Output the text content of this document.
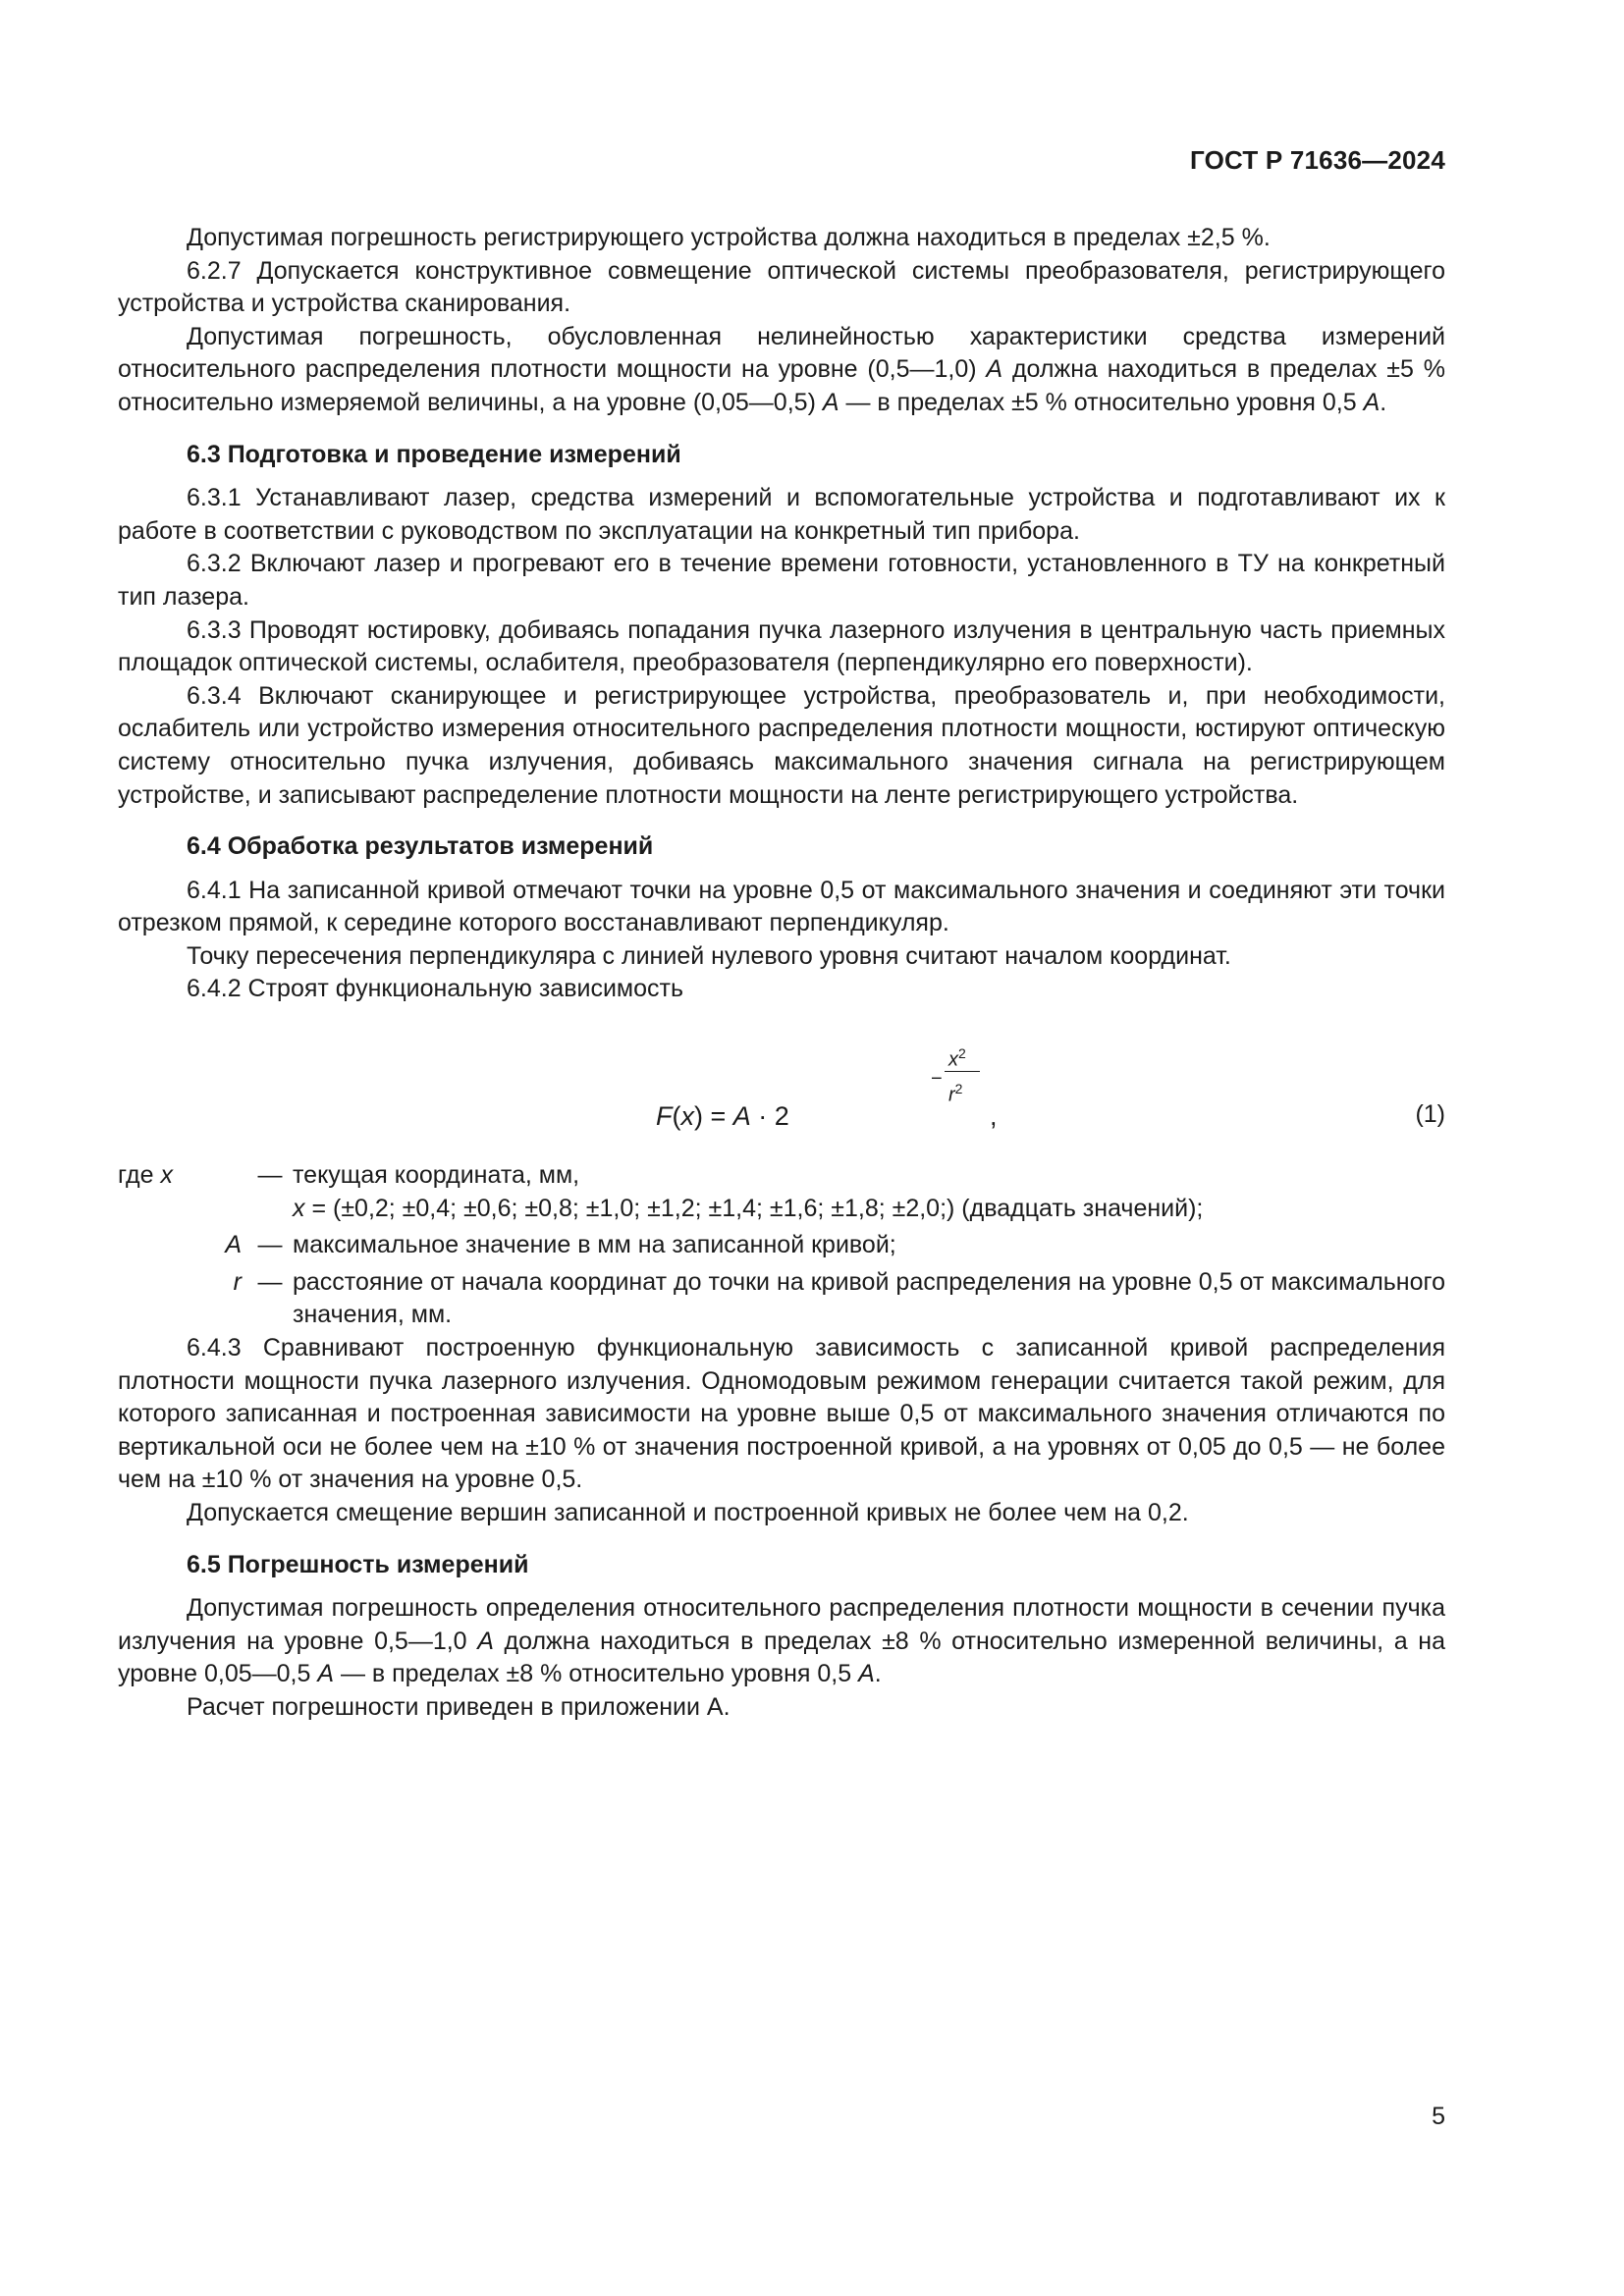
ГОСТ Р 71636—2024

Допустимая погрешность регистрирующего устройства должна находиться в пределах ±2,5 %.

6.2.7 Допускается конструктивное совмещение оптической системы преобразователя, регистрирующего устройства и устройства сканирования.

Допустимая погрешность, обусловленная нелинейностью характеристики средства измерений относительного распределения плотности мощности на уровне (0,5—1,0) A должна находиться в пределах ±5 % относительно измеряемой величины, а на уровне (0,05—0,5) A — в пределах ±5 % относительно уровня 0,5 A.

6.3 Подготовка и проведение измерений

6.3.1 Устанавливают лазер, средства измерений и вспомогательные устройства и подготавливают их к работе в соответствии с руководством по эксплуатации на конкретный тип прибора.

6.3.2 Включают лазер и прогревают его в течение времени готовности, установленного в ТУ на конкретный тип лазера.

6.3.3 Проводят юстировку, добиваясь попадания пучка лазерного излучения в центральную часть приемных площадок оптической системы, ослабителя, преобразователя (перпендикулярно его поверхности).

6.3.4 Включают сканирующее и регистрирующее устройства, преобразователь и, при необходимости, ослабитель или устройство измерения относительного распределения плотности мощности, юстируют оптическую систему относительно пучка излучения, добиваясь максимального значения сигнала на регистрирующем устройстве, и записывают распределение плотности мощности на ленте регистрирующего устройства.

6.4 Обработка результатов измерений

6.4.1 На записанной кривой отмечают точки на уровне 0,5 от максимального значения и соединяют эти точки отрезком прямой, к середине которого восстанавливают перпендикуляр.

Точку пересечения перпендикуляра с линией нулевого уровня считают началом координат.

6.4.2 Строят функциональную зависимость

F(x) = A · 2
−
$x^2$
$r^2$
,	(1)
где x	— текущая координата, мм,
x = (±0,2; ±0,4; ±0,6; ±0,8; ±1,0; ±1,2; ±1,4; ±1,6; ±1,8; ±2,0;) (двадцать значений);
A — максимальное значение в мм на записанной кривой;
r — расстояние от начала координат до точки на кривой распределения на уровне 0,5 от максимального значения, мм.

6.4.3 Сравнивают построенную функциональную зависимость с записанной кривой распределения плотности мощности пучка лазерного излучения. Одномодовым режимом генерации считается такой режим, для которого записанная и построенная зависимости на уровне выше 0,5 от максимального значения отличаются по вертикальной оси не более чем на ±10 % от значения построенной кривой, а на уровнях от 0,05 до 0,5 — не более чем на ±10 % от значения на уровне 0,5.

Допускается смещение вершин записанной и построенной кривых не более чем на 0,2.

6.5 Погрешность измерений

Допустимая погрешность определения относительного распределения плотности мощности в сечении пучка излучения на уровне 0,5—1,0 A должна находиться в пределах ±8 % относительно измеренной величины, а на уровне 0,05—0,5 A — в пределах ±8 % относительно уровня 0,5 A.

Расчет погрешности приведен в приложении А.

5
